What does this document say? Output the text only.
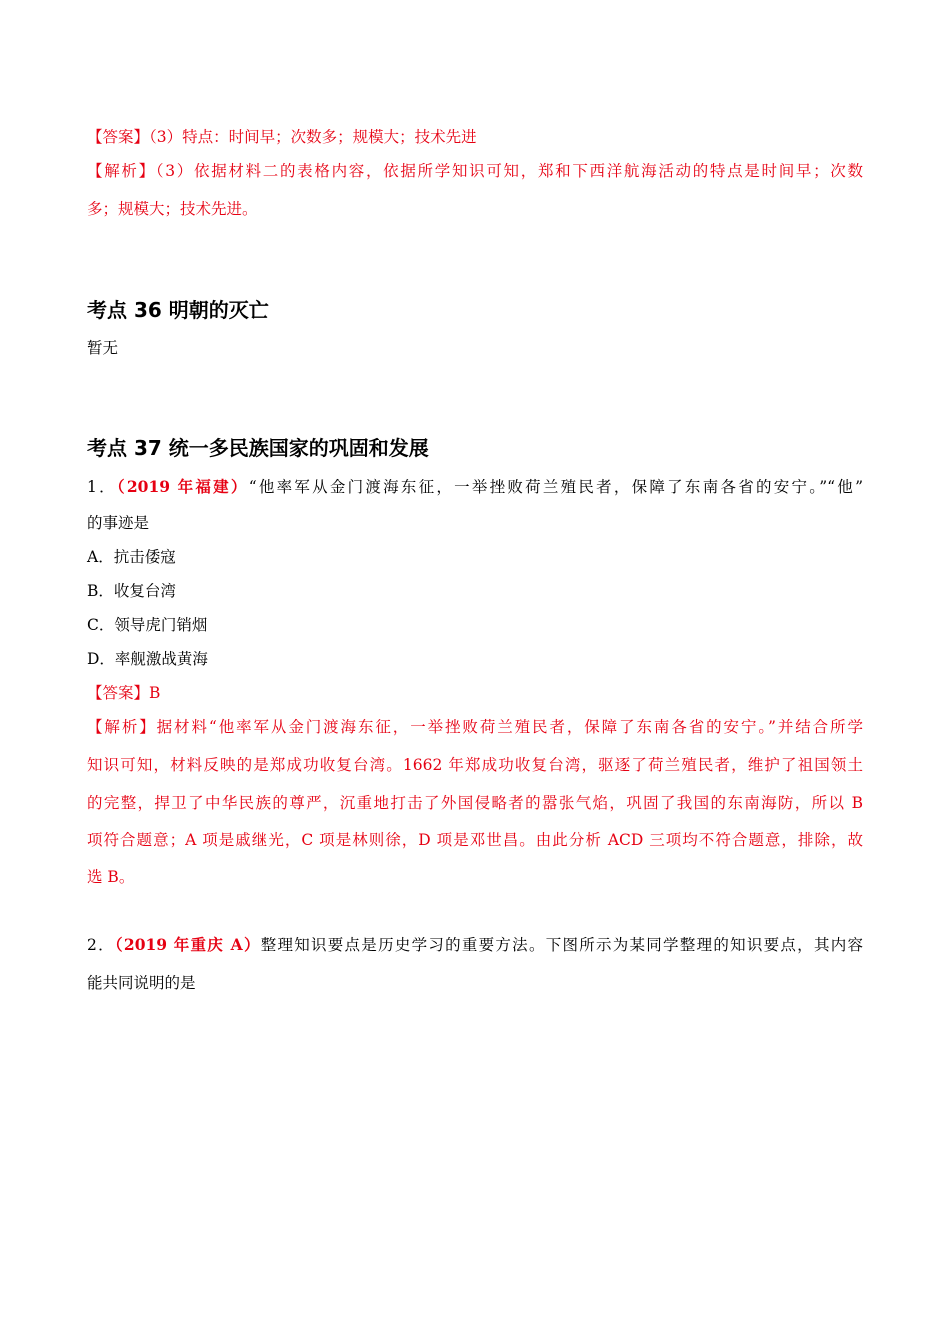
【答案】（3）特点：时间早；次数多；规模大；技术先进
【解析】（3）依据材料二的表格内容，依据所学知识可知，郑和下西洋航海活动的特点是时间早；次数
多；规模大；技术先进。
考点 36 明朝的灭亡
暂无
考点 37 统一多民族国家的巩固和发展
1．（2019 年福建）“他率军从金门渡海东征，一举挫败荷兰殖民者，保障了东南各省的安宁。”“他”
的事迹是
A．抗击倭寇
B．收复台湾
C．领导虎门销烟
D．率舰激战黄海
【答案】B
【解析】据材料“他率军从金门渡海东征，一举挫败荷兰殖民者，保障了东南各省的安宁。”并结合所学
知识可知，材料反映的是郑成功收复台湾。1662 年郑成功收复台湾，驱逐了荷兰殖民者，维护了祖国领土
的完整，捍卫了中华民族的尊严，沉重地打击了外国侵略者的嚣张气焰，巩固了我国的东南海防，所以 B
项符合题意；A 项是戚继光，C 项是林则徐，D 项是邓世昌。由此分析 ACD 三项均不符合题意，排除，故
选 B。
2．（2019 年重庆 A）整理知识要点是历史学习的重要方法。下图所示为某同学整理的知识要点，其内容
能共同说明的是
